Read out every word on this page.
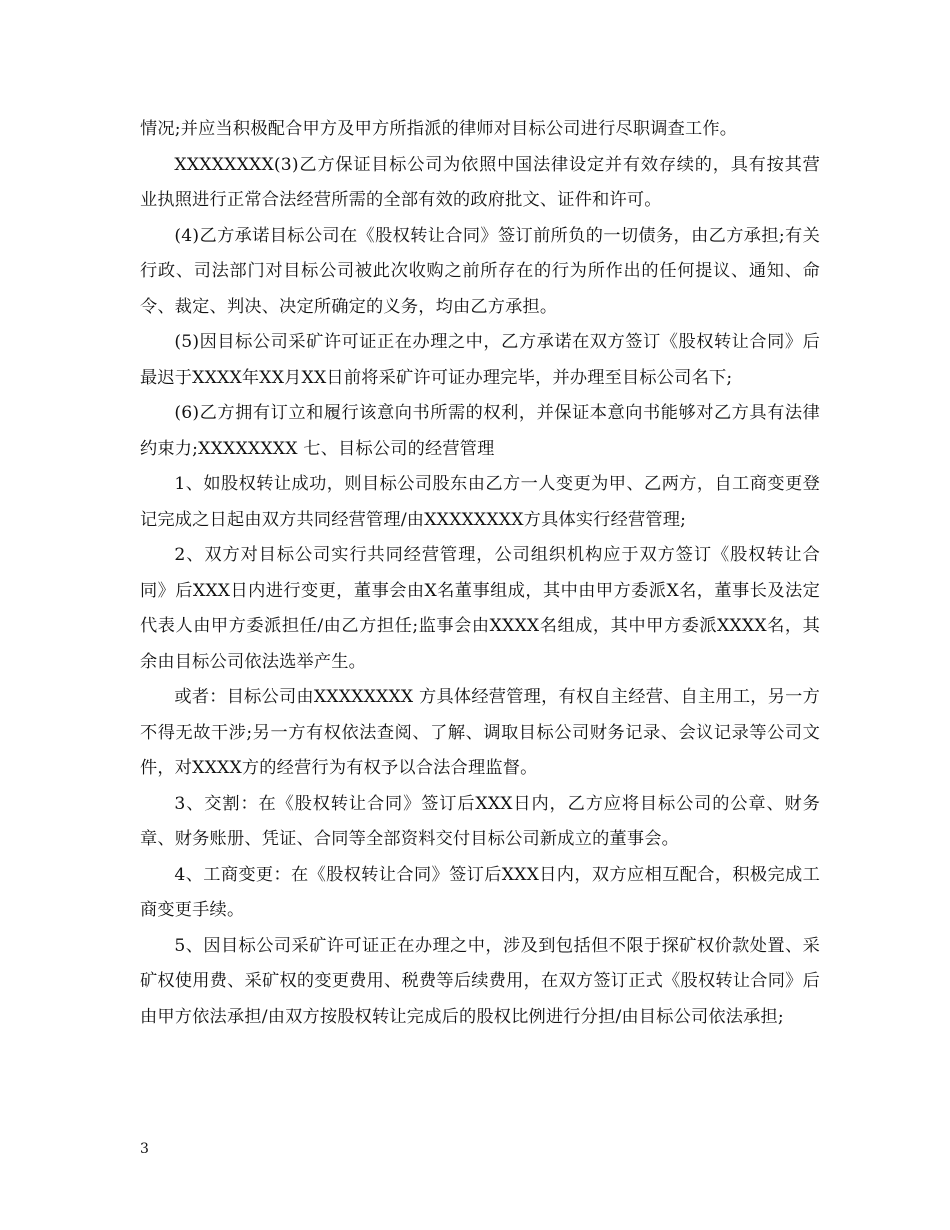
情况;并应当积极配合甲方及甲方所指派的律师对目标公司进行尽职调查工作。

XXXXXXXX(3)乙方保证目标公司为依照中国法律设定并有效存续的，具有按其营业执照进行正常合法经营所需的全部有效的政府批文、证件和许可。

(4)乙方承诺目标公司在《股权转让合同》签订前所负的一切债务，由乙方承担;有关行政、司法部门对目标公司被此次收购之前所存在的行为所作出的任何提议、通知、命令、裁定、判决、决定所确定的义务，均由乙方承担。

(5)因目标公司采矿许可证正在办理之中，乙方承诺在双方签订《股权转让合同》后最迟于XXXX年XX月XX日前将采矿许可证办理完毕，并办理至目标公司名下;

(6)乙方拥有订立和履行该意向书所需的权利，并保证本意向书能够对乙方具有法律约束力;XXXXXXXX 七、目标公司的经营管理

1、如股权转让成功，则目标公司股东由乙方一人变更为甲、乙两方，自工商变更登记完成之日起由双方共同经营管理/由XXXXXXXX方具体实行经营管理;

2、双方对目标公司实行共同经营管理，公司组织机构应于双方签订《股权转让合同》后XXX日内进行变更，董事会由X名董事组成，其中由甲方委派X名，董事长及法定代表人由甲方委派担任/由乙方担任;监事会由XXXX名组成，其中甲方委派XXXX名，其余由目标公司依法选举产生。

或者：目标公司由XXXXXXXX 方具体经营管理，有权自主经营、自主用工，另一方不得无故干涉;另一方有权依法查阅、了解、调取目标公司财务记录、会议记录等公司文件，对XXXX方的经营行为有权予以合法合理监督。

3、交割：在《股权转让合同》签订后XXX日内，乙方应将目标公司的公章、财务章、财务账册、凭证、合同等全部资料交付目标公司新成立的董事会。

4、工商变更：在《股权转让合同》签订后XXX日内，双方应相互配合，积极完成工商变更手续。

5、因目标公司采矿许可证正在办理之中，涉及到包括但不限于探矿权价款处置、采矿权使用费、采矿权的变更费用、税费等后续费用，在双方签订正式《股权转让合同》后由甲方依法承担/由双方按股权转让完成后的股权比例进行分担/由目标公司依法承担;

3
